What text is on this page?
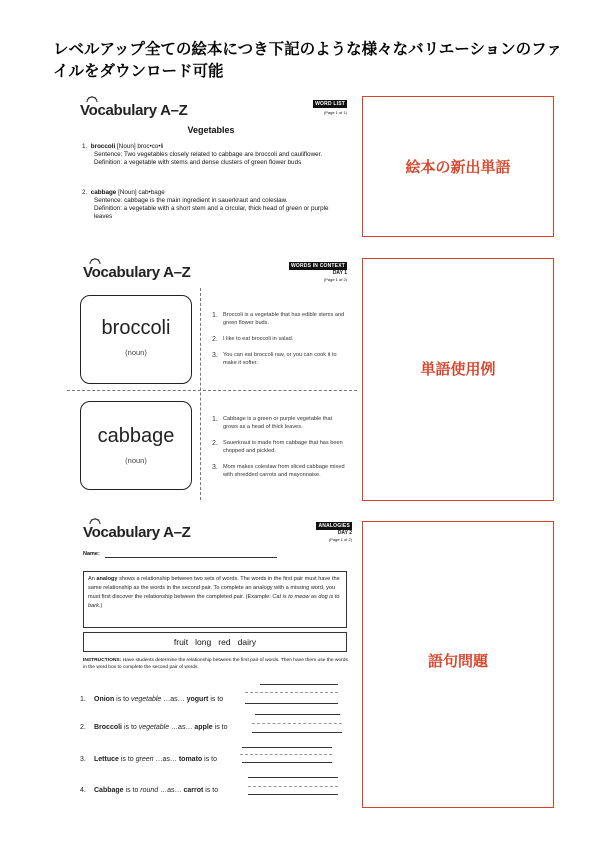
レベルアップ全ての絵本につき下記のような様々なバリエーションのファイルをダウンロード可能
Vocabulary A–Z	WORD LIST
(Page 1 of 1)
Vegetables
1. broccoli [Noun] broc•co•li
Sentence: Two vegetables closely related to cabbage are broccoli and cauliflower.
Definition: a vegetable with stems and dense clusters of green flower buds
2. cabbage [Noun] cab•bage
Sentence: cabbage is the main ingredient in sauerkraut and coleslaw.
Definition: a vegetable with a short stem and a circular, thick head of green or purple leaves
Vocabulary A–Z	WORDS IN CONTEXT
DAY 1
(Page 1 of 2)
broccoli
(noun)
cabbage
(noun)
1. Broccoli is a vegetable that has edible stems and green flower buds.
2. I like to eat broccoli in salad.
3. You can eat broccoli raw, or you can cook it to make it softer.
1. Cabbage is a green or purple vegetable that grows as a head of thick leaves.
2. Sauerkraut is made from cabbage that has been chopped and pickled.
3. Mom makes coleslaw from sliced cabbage mixed with shredded carrots and mayonnaise.
Vocabulary A–Z	ANALOGIES
DAY 2
(Page 1 of 2)
Name:
An analogy shows a relationship between two sets of words. The words in the first pair must have the same relationship as the words in the second pair. To complete an analogy with a missing word, you must first discover the relationship between the completed pair. (Example: Cat is to meow as dog is to bark.)
fruit   long   red   dairy
INSTRUCTIONS: Have students determine the relationship between the first pair of words. Then have them use the words in the word box to complete the second pair of words.
1. Onion is to vegetable …as… yogurt is to
2. Broccoli is to vegetable …as… apple is to
3. Lettuce is to green …as… tomato is to
4. Cabbage is to round …as… carrot is to
絵本の新出単語
単語使用例
語句問題
